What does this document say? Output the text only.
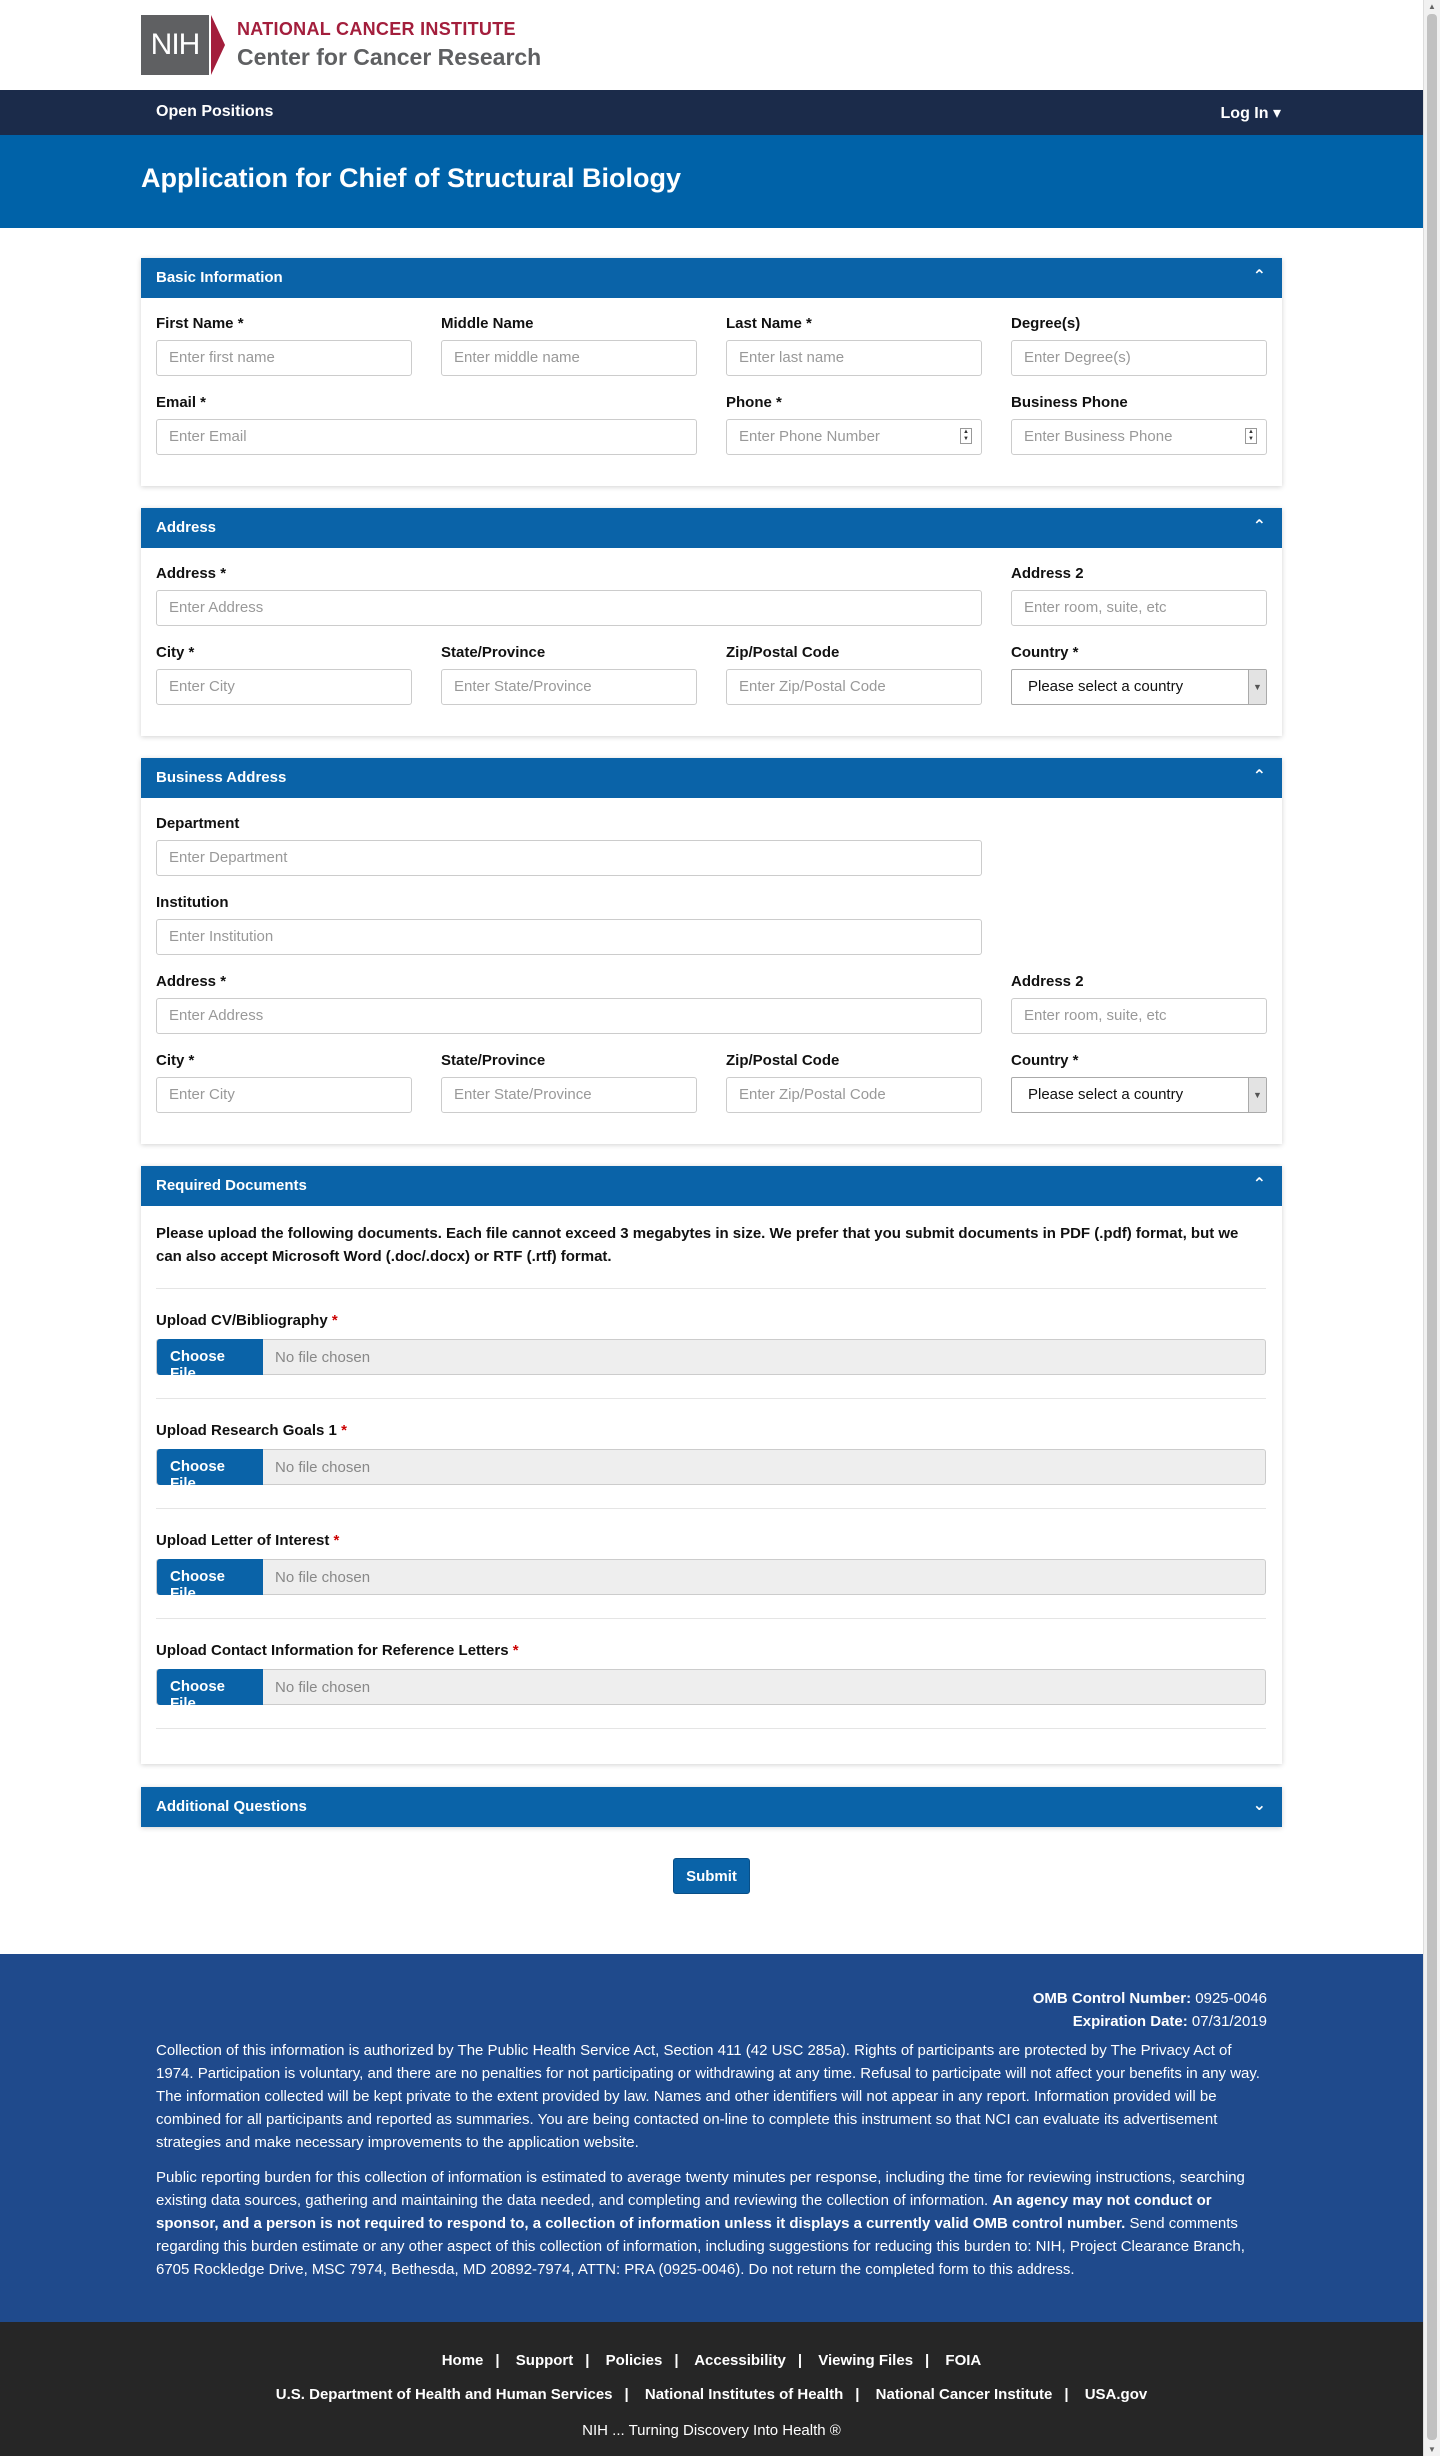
NIH NATIONAL CANCER INSTITUTE
Center for Cancer Research
Open Positions	Log In ▾
Application for Chief of Structural Biology
Basic Information	⌃
First Name *
Enter first name
Middle Name
Enter middle name
Last Name *
Enter last name
Degree(s)
Enter Degree(s)
Email *
Enter Email
Phone *
Enter Phone Number	▲
▼
Business Phone
Enter Business Phone	▲
▼
Address	⌃
Address *
Enter Address
Address 2
Enter room, suite, etc
City *
Enter City
State/Province
Enter State/Province
Zip/Postal Code
Enter Zip/Postal Code
Country *
Please select a country	▼
Business Address	⌃
Department
Enter Department
Institution
Enter Institution
Address *
Enter Address
Address 2
Enter room, suite, etc
City *
Enter City
State/Province
Enter State/Province
Zip/Postal Code
Enter Zip/Postal Code
Country *
Please select a country	▼
Required Documents	⌃
Please upload the following documents. Each file cannot exceed 3 megabytes in size. We prefer that you submit documents in PDF (.pdf) format, but we can also accept Microsoft Word (.doc/.docx) or RTF (.rtf) format.
Upload CV/Bibliography *
Choose File
No file chosen
Upload Research Goals 1 *
Choose File
No file chosen
Upload Letter of Interest *
Choose File
No file chosen
Upload Contact Information for Reference Letters *
Choose File
No file chosen
Additional Questions	⌄
Submit
OMB Control Number: 0925-0046
Expiration Date: 07/31/2019

Collection of this information is authorized by The Public Health Service Act, Section 411 (42 USC 285a). Rights of participants are protected by The Privacy Act of 1974. Participation is voluntary, and there are no penalties for not participating or withdrawing at any time. Refusal to participate will not affect your benefits in any way. The information collected will be kept private to the extent provided by law. Names and other identifiers will not appear in any report. Information provided will be combined for all participants and reported as summaries. You are being contacted on-line to complete this instrument so that NCI can evaluate its advertisement strategies and make necessary improvements to the application website.

Public reporting burden for this collection of information is estimated to average twenty minutes per response, including the time for reviewing instructions, searching existing data sources, gathering and maintaining the data needed, and completing and reviewing the collection of information. An agency may not conduct or sponsor, and a person is not required to respond to, a collection of information unless it displays a currently valid OMB control number. Send comments regarding this burden estimate or any other aspect of this collection of information, including suggestions for reducing this burden to: NIH, Project Clearance Branch, 6705 Rockledge Drive, MSC 7974, Bethesda, MD 20892-7974, ATTN: PRA (0925-0046). Do not return the completed form to this address.

Home | Support | Policies | Accessibility | Viewing Files | FOIA
U.S. Department of Health and Human Services | National Institutes of Health | National Cancer Institute | USA.gov
NIH ... Turning Discovery Into Health ®
▲
▼
